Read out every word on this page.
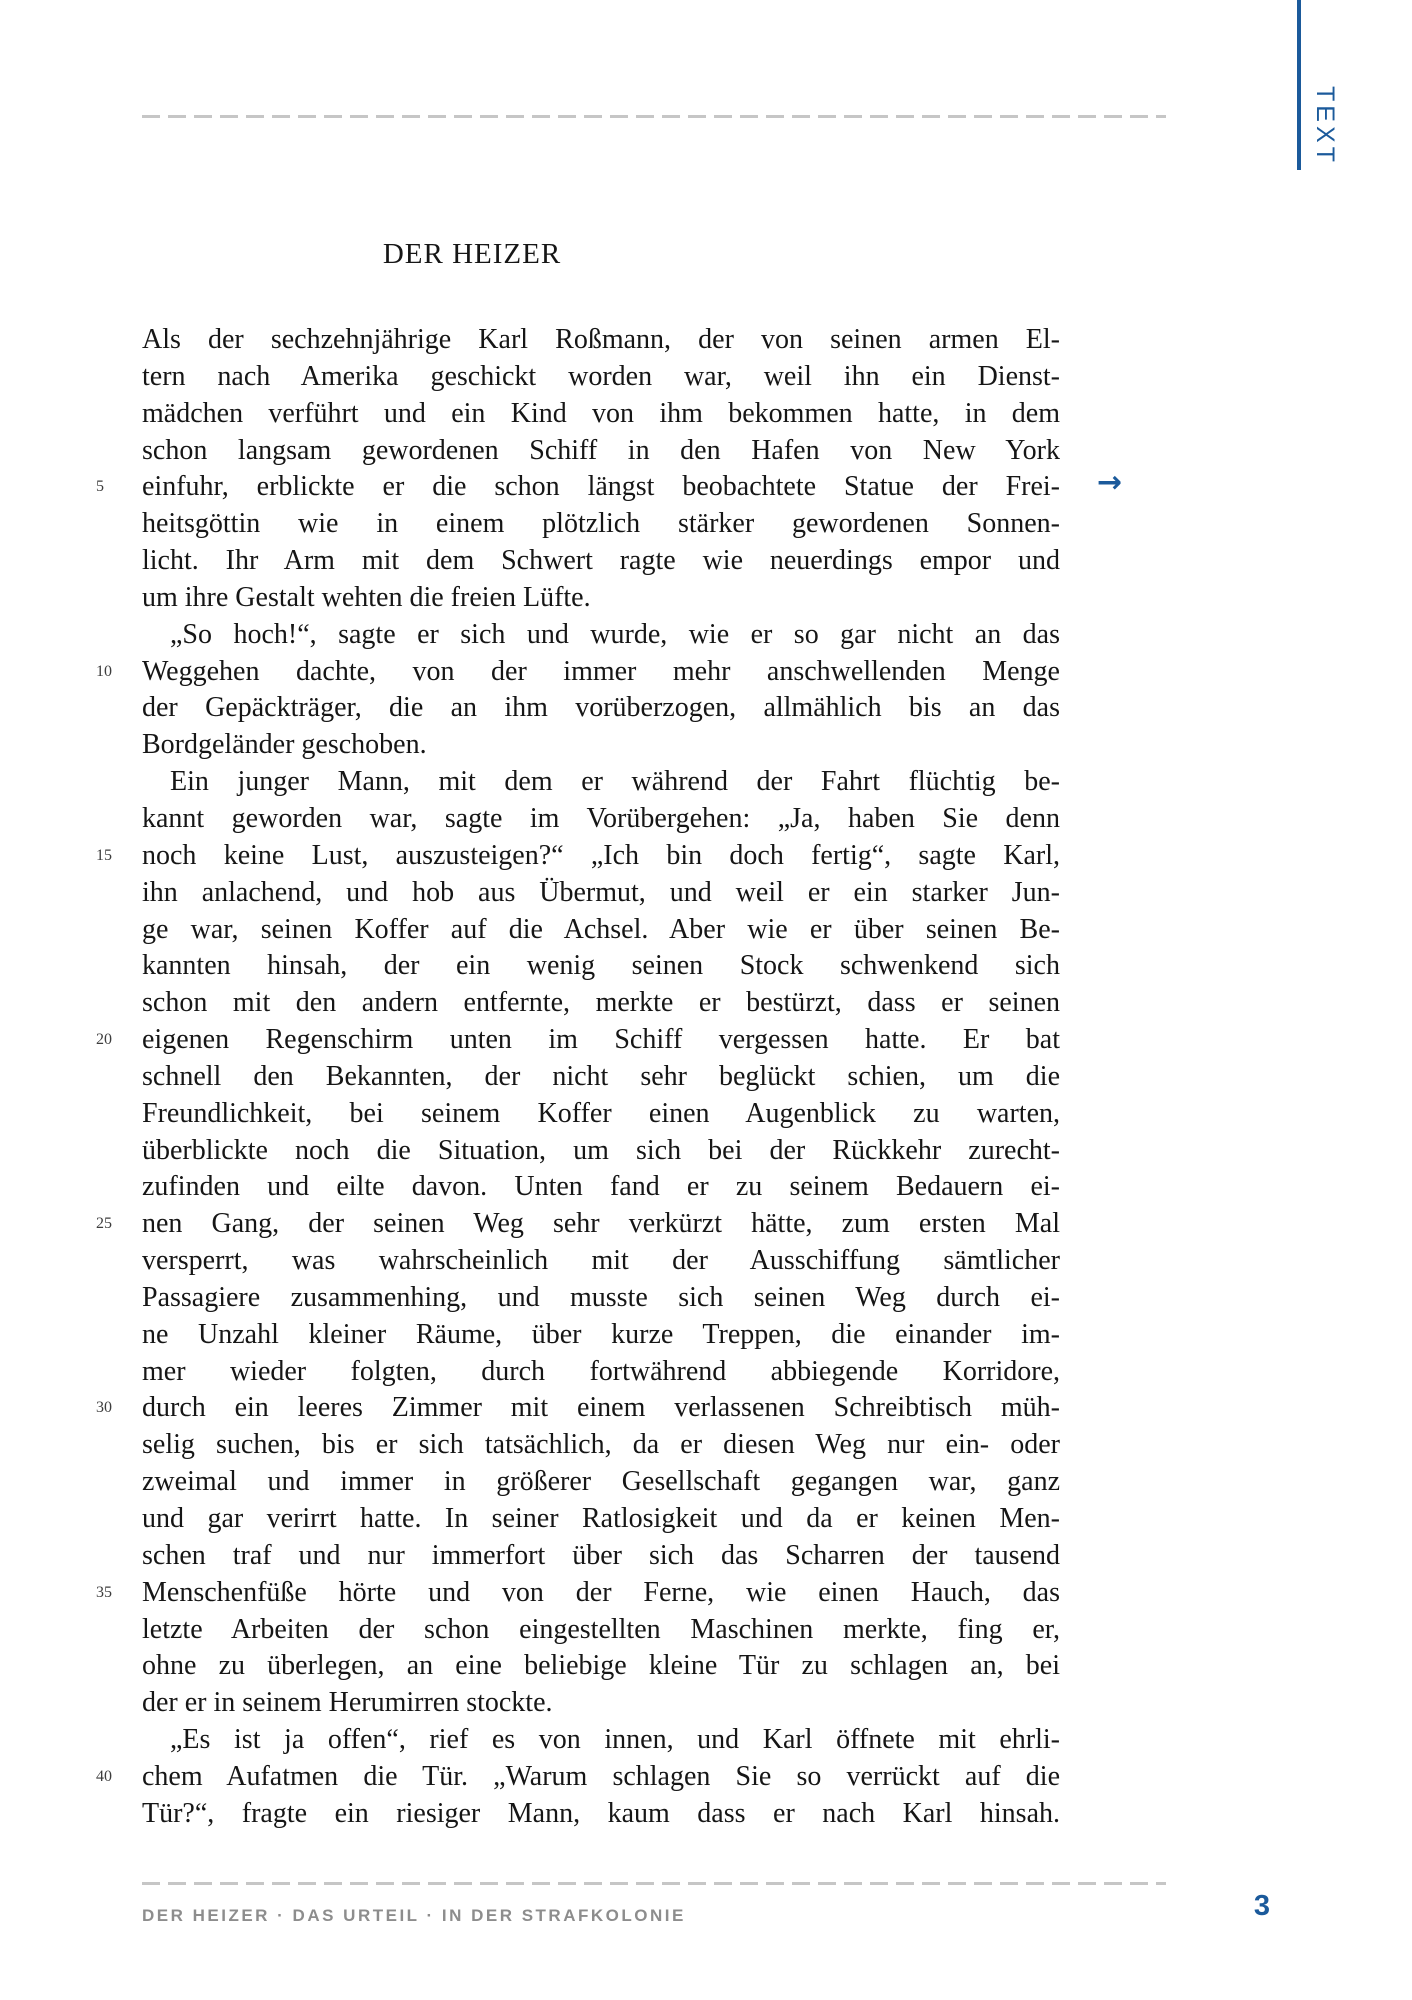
TEXT
DER HEIZER
→
Als der sechzehnjährige Karl Roßmann, der von seinen armen El-
tern nach Amerika geschickt worden war, weil ihn ein Dienst-
mädchen verführt und ein Kind von ihm bekommen hatte, in dem
schon langsam gewordenen Schiff in den Hafen von New York
5	einfuhr, erblickte er die schon längst beobachtete Statue der Frei-
heitsgöttin wie in einem plötzlich stärker gewordenen Sonnen-
licht. Ihr Arm mit dem Schwert ragte wie neuerdings empor und
um ihre Gestalt wehten die freien Lüfte.
„So hoch!“, sagte er sich und wurde, wie er so gar nicht an das
10	Weggehen dachte, von der immer mehr anschwellenden Menge
der Gepäckträger, die an ihm vorüberzogen, allmählich bis an das
Bordgeländer geschoben.
Ein junger Mann, mit dem er während der Fahrt flüchtig be-
kannt geworden war, sagte im Vorübergehen: „Ja, haben Sie denn
15	noch keine Lust, auszusteigen?“ „Ich bin doch fertig“, sagte Karl,
ihn anlachend, und hob aus Übermut, und weil er ein starker Jun-
ge war, seinen Koffer auf die Achsel. Aber wie er über seinen Be-
kannten hinsah, der ein wenig seinen Stock schwenkend sich
schon mit den andern entfernte, merkte er bestürzt, dass er seinen
20	eigenen Regenschirm unten im Schiff vergessen hatte. Er bat
schnell den Bekannten, der nicht sehr beglückt schien, um die
Freundlichkeit, bei seinem Koffer einen Augenblick zu warten,
überblickte noch die Situation, um sich bei der Rückkehr zurecht-
zufinden und eilte davon. Unten fand er zu seinem Bedauern ei-
25	nen Gang, der seinen Weg sehr verkürzt hätte, zum ersten Mal
versperrt, was wahrscheinlich mit der Ausschiffung sämtlicher
Passagiere zusammenhing, und musste sich seinen Weg durch ei-
ne Unzahl kleiner Räume, über kurze Treppen, die einander im-
mer wieder folgten, durch fortwährend abbiegende Korridore,
30	durch ein leeres Zimmer mit einem verlassenen Schreibtisch müh-
selig suchen, bis er sich tatsächlich, da er diesen Weg nur ein- oder
zweimal und immer in größerer Gesellschaft gegangen war, ganz
und gar verirrt hatte. In seiner Ratlosigkeit und da er keinen Men-
schen traf und nur immerfort über sich das Scharren der tausend
35	Menschenfüße hörte und von der Ferne, wie einen Hauch, das
letzte Arbeiten der schon eingestellten Maschinen merkte, fing er,
ohne zu überlegen, an eine beliebige kleine Tür zu schlagen an, bei
der er in seinem Herumirren stockte.
„Es ist ja offen“, rief es von innen, und Karl öffnete mit ehrli-
40	chem Aufatmen die Tür. „Warum schlagen Sie so verrückt auf die
Tür?“, fragte ein riesiger Mann, kaum dass er nach Karl hinsah.
DER HEIZER · DAS URTEIL · IN DER STRAFKOLONIE	3
